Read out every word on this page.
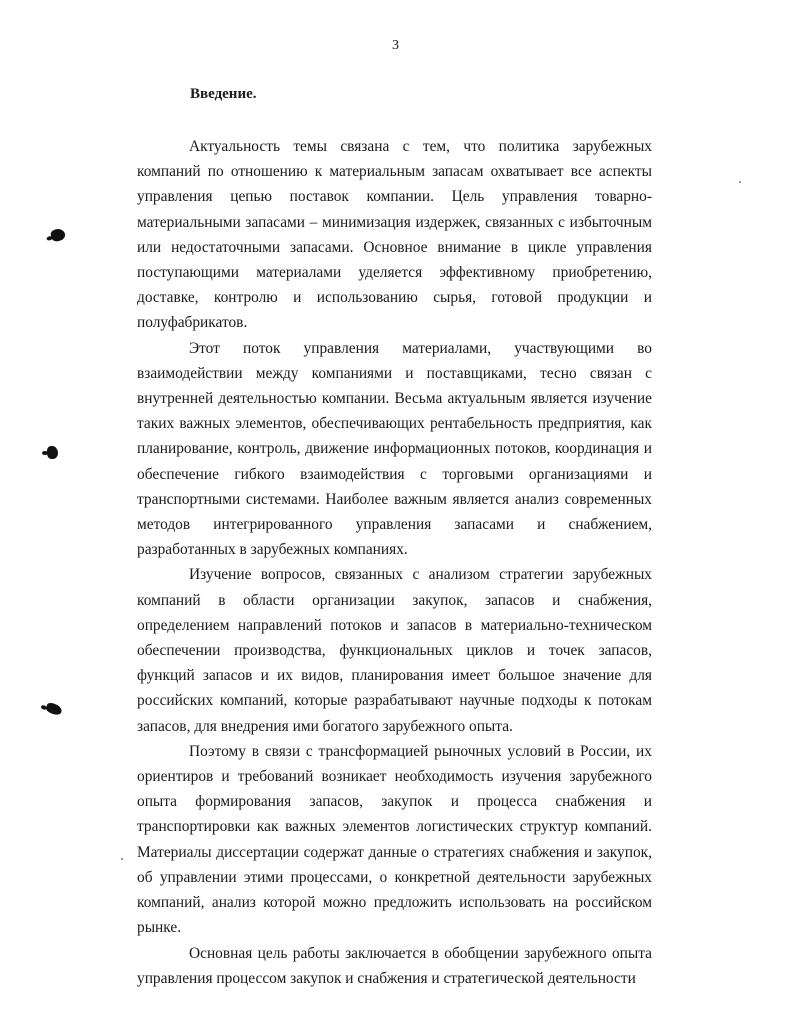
3
Введение.

Актуальность темы связана с тем, что политика зарубежных компаний по отношению к материальным запасам охватывает все аспекты управления цепью поставок компании. Цель управления товарно-материальными запасами – минимизация издержек, связанных с избыточным или недостаточными запасами. Основное внимание в цикле управления поступающими материалами уделяется эффективному приобретению, доставке, контролю и использованию сырья, готовой продукции и полуфабрикатов.

Этот поток управления материалами, участвующими во взаимодействии между компаниями и поставщиками, тесно связан с внутренней деятельностью компании. Весьма актуальным является изучение таких важных элементов, обеспечивающих рентабельность предприятия, как планирование, контроль, движение информационных потоков, координация и обеспечение гибкого взаимодействия с торговыми организациями и транспортными системами. Наиболее важным является анализ современных методов интегрированного управления запасами и снабжением, разработанных в зарубежных компаниях.

Изучение вопросов, связанных с анализом стратегии зарубежных компаний в области организации закупок, запасов и снабжения, определением направлений потоков и запасов в материально-техническом обеспечении производства, функциональных циклов и точек запасов, функций запасов и их видов, планирования имеет большое значение для российских компаний, которые разрабатывают научные подходы к потокам запасов, для внедрения ими богатого зарубежного опыта.

Поэтому в связи с трансформацией рыночных условий в России, их ориентиров и требований возникает необходимость изучения зарубежного опыта формирования запасов, закупок и процесса снабжения и транспортировки как важных элементов логистических структур компаний. Материалы диссертации содержат данные о стратегиях снабжения и закупок, об управлении этими процессами, о конкретной деятельности зарубежных компаний, анализ которой можно предложить использовать на российском рынке.

Основная цель работы заключается в обобщении зарубежного опыта управления процессом закупок и снабжения и стратегической деятельности
